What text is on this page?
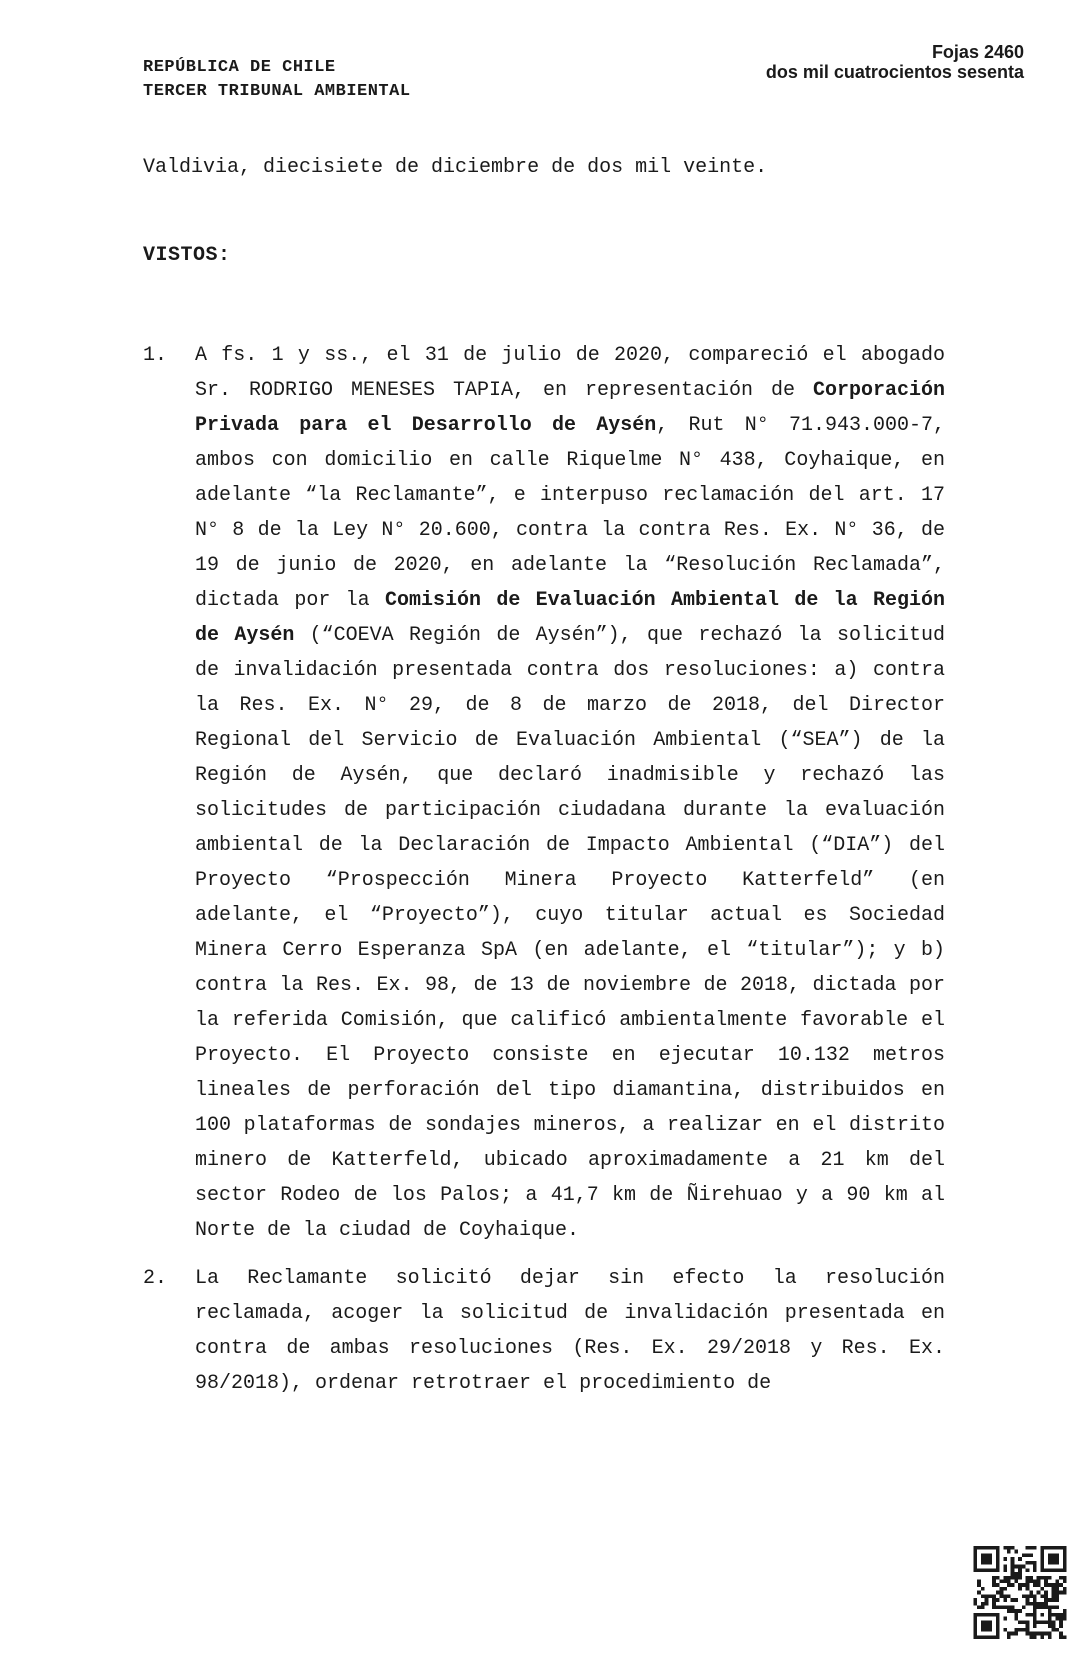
REPÚBLICA DE CHILE
TERCER TRIBUNAL AMBIENTAL
Fojas 2460
dos mil cuatrocientos sesenta
Valdivia, diecisiete de diciembre de dos mil veinte.
VISTOS:
1.	A fs. 1 y ss., el 31 de julio de 2020, compareció el abogado Sr. RODRIGO MENESES TAPIA, en representación de Corporación Privada para el Desarrollo de Aysén, Rut N° 71.943.000-7, ambos con domicilio en calle Riquelme N° 438, Coyhaique, en adelante “la Reclamante”, e interpuso reclamación del art. 17 N° 8 de la Ley N° 20.600, contra la contra Res. Ex. N° 36, de 19 de junio de 2020, en adelante la “Resolución Reclamada”, dictada por la Comisión de Evaluación Ambiental de la Región de Aysén (“COEVA Región de Aysén”), que rechazó la solicitud de invalidación presentada contra dos resoluciones: a) contra la Res. Ex. N° 29, de 8 de marzo de 2018, del Director Regional del Servicio de Evaluación Ambiental (“SEA”) de la Región de Aysén, que declaró inadmisible y rechazó las solicitudes de participación ciudadana durante la evaluación ambiental de la Declaración de Impacto Ambiental (“DIA”) del Proyecto “Prospección Minera Proyecto Katterfeld” (en adelante, el “Proyecto”), cuyo titular actual es Sociedad Minera Cerro Esperanza SpA (en adelante, el “titular”); y b) contra la Res. Ex. 98, de 13 de noviembre de 2018, dictada por la referida Comisión, que calificó ambientalmente favorable el Proyecto. El Proyecto consiste en ejecutar 10.132 metros lineales de perforación del tipo diamantina, distribuidos en 100 plataformas de sondajes mineros, a realizar en el distrito minero de Katterfeld, ubicado aproximadamente a 21 km del sector Rodeo de los Palos; a 41,7 km de Ñirehuao y a 90 km al Norte de la ciudad de Coyhaique.
2.	La Reclamante solicitó dejar sin efecto la resolución reclamada, acoger la solicitud de invalidación presentada en contra de ambas resoluciones (Res. Ex. 29/2018 y Res. Ex. 98/2018), ordenar retrotraer el procedimiento de
